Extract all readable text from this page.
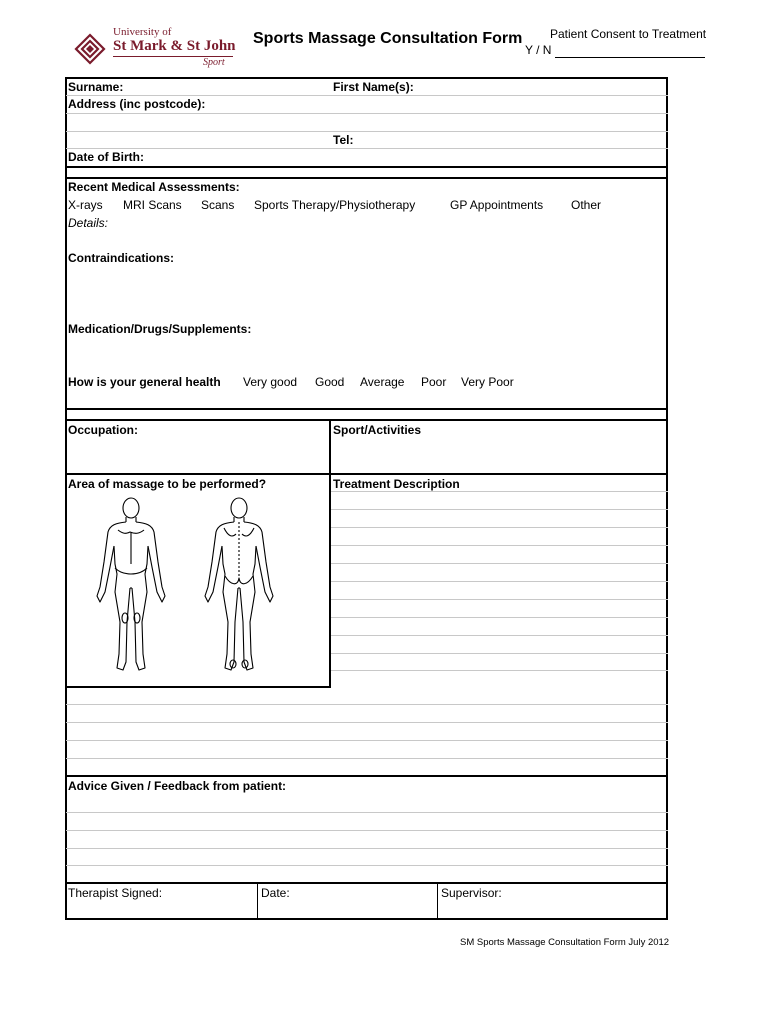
University of
St Mark & St John
Sport
Sports Massage Consultation Form Patient Consent to Treatment
Y / N
Surname:	First Name(s):
Address (inc postcode):
Tel:
Date of Birth:
Recent Medical Assessments:
X-rays MRI Scans Scans Sports Therapy/Physiotherapy	GP Appointments Other
Details:
Contraindications:
Medication/Drugs/Supplements:
How is your general health Very good Good Average Poor Very Poor
Occupation:	Sport/Activities
Area of massage to be performed?	Treatment Description
Advice Given / Feedback from patient:
Therapist Signed:	Date:	Supervisor:
SM Sports Massage Consultation Form July 2012
